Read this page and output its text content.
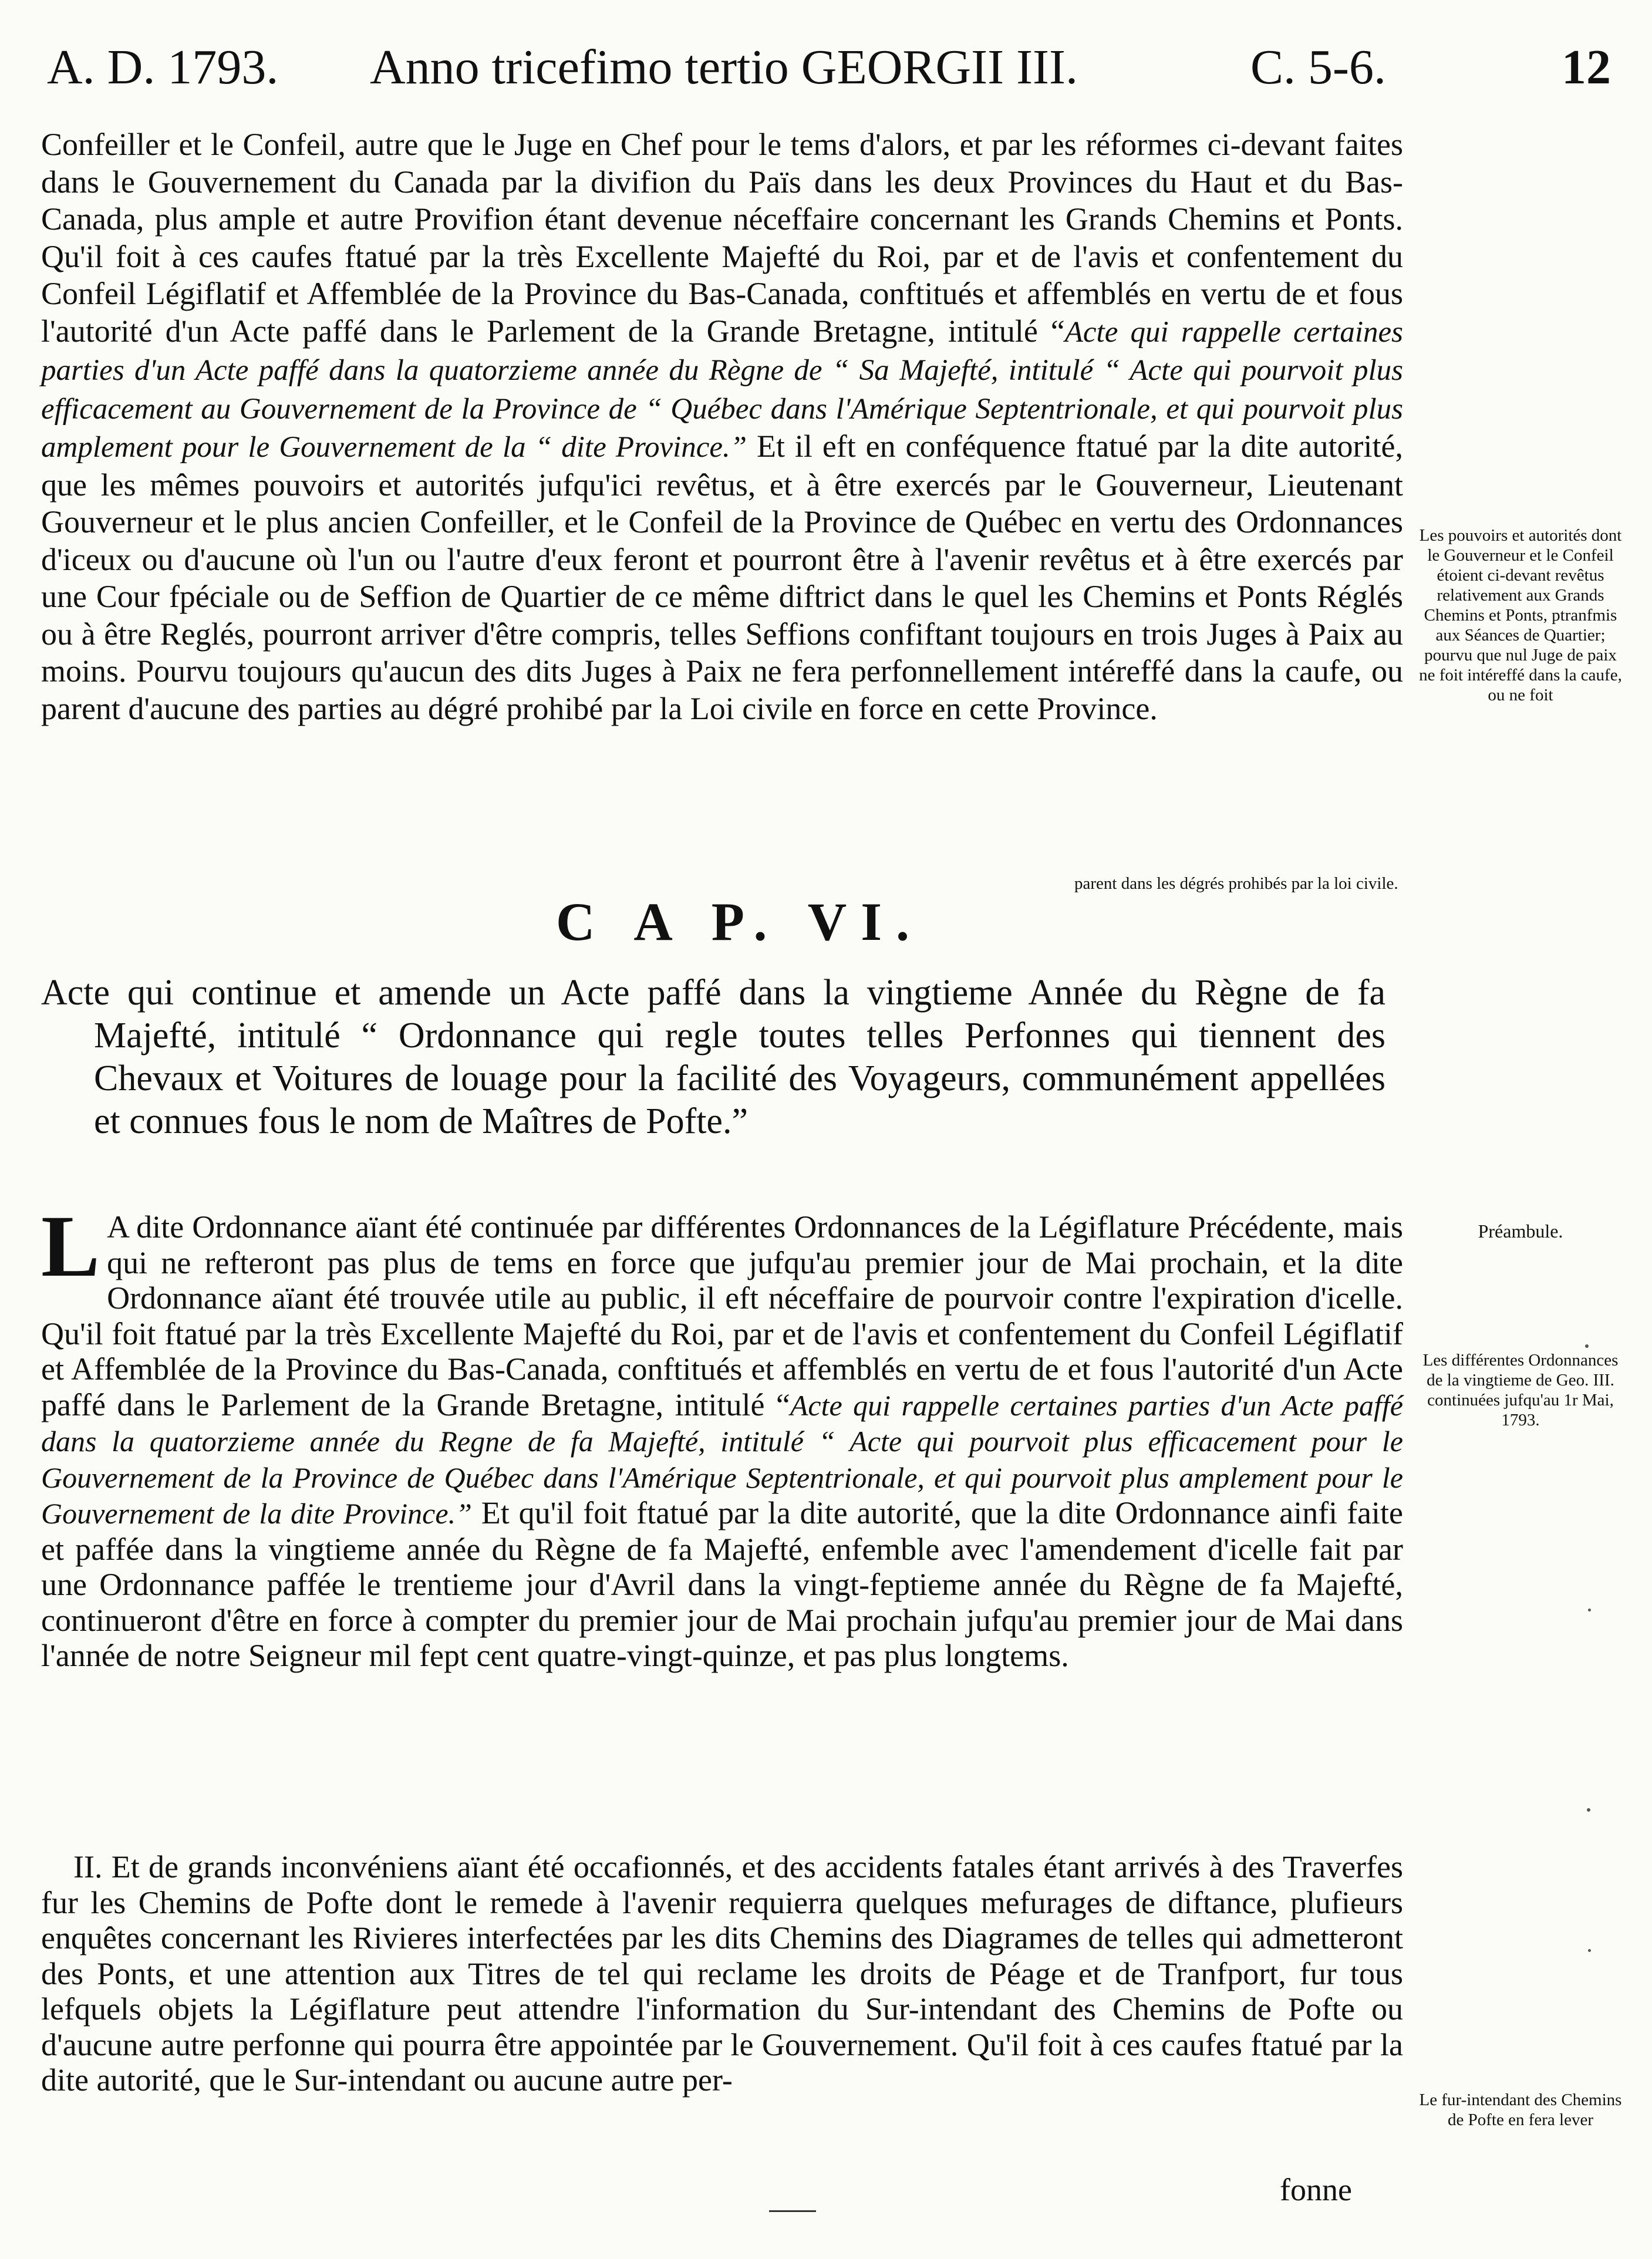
A. D. 1793. Anno tricefimo tertio GEORGII III.	C. 5-6.	12

Confeiller et le Confeil, autre que le Juge en Chef pour le tems d'alors, et par les réformes ci-devant faites dans le Gouvernement du Canada par la divifion du Païs dans les deux Provinces du Haut et du Bas-Canada, plus ample et autre Provifion étant devenue néceffaire concernant les Grands Chemins et Ponts. Qu'il foit à ces caufes ftatué par la très Excellente Majefté du Roi, par et de l'avis et confentement du Confeil Légiflatif et Affemblée de la Province du Bas-Canada, conftitués et affemblés en vertu de et fous l'autorité d'un Acte paffé dans le Parlement de la Grande Bretagne, intitulé “Acte qui rappelle certaines parties d'un Acte paffé dans la quatorzieme année du Règne de “ Sa Majefté, intitulé “ Acte qui pourvoit plus efficacement au Gouvernement de la Province de “ Québec dans l'Amérique Septentrionale, et qui pourvoit plus amplement pour le Gouvernement de la “ dite Province.” Et il eft en conféquence ftatué par la dite autorité, que les mêmes pouvoirs et autorités jufqu'ici revêtus, et à être exercés par le Gouverneur, Lieutenant Gouverneur et le plus ancien Confeiller, et le Confeil de la Province de Québec en vertu des Ordonnances d'iceux ou d'aucune où l'un ou l'autre d'eux feront et pourront être à l'avenir revêtus et à être exercés par une Cour fpéciale ou de Seffion de Quartier de ce même diftrict dans le quel les Chemins et Ponts Réglés ou à être Reglés, pourront arriver d'être compris, telles Seffions confiftant toujours en trois Juges à Paix au moins. Pourvu toujours qu'aucun des dits Juges à Paix ne fera perfonnellement intéreffé dans la caufe, ou parent d'aucune des parties au dégré prohibé par la Loi civile en force en cette Province.

Les pouvoirs et autorités dont le Gouverneur et le Confeil étoient ci-devant revêtus relativement aux Grands Chemins et Ponts, ptranfmis aux Séances de Quartier; pourvu que nul Juge de paix ne foit intéreffé dans la caufe, ou ne foit
parent dans les dégrés prohibés par la loi civile.
C A P. VI.
Acte qui continue et amende un Acte paffé dans la vingtieme Année du Règne de fa Majefté, intitulé “ Ordonnance qui regle toutes telles Perfonnes qui tiennent des Chevaux et Voitures de louage pour la facilité des Voyageurs, communément appellées et connues fous le nom de Maîtres de Pofte.”

L A dite Ordonnance aïant été continuée par différentes Ordonnances de la Légiflature Précédente, mais qui ne refteront pas plus de tems en force que jufqu'au premier jour de Mai prochain, et la dite Ordonnance aïant été trouvée utile au public, il eft néceffaire de pourvoir contre l'expiration d'icelle. Qu'il foit ftatué par la très Excellente Majefté du Roi, par et de l'avis et confentement du Confeil Légiflatif et Affemblée de la Province du Bas-Canada, conftitués et affemblés en vertu de et fous l'autorité d'un Acte paffé dans le Parlement de la Grande Bretagne, intitulé “Acte qui rappelle certaines parties d'un Acte paffé dans la quatorzieme année du Regne de fa Majefté, intitulé “ Acte qui pourvoit plus efficacement pour le Gouvernement de la Province de Québec dans l'Amérique Septentrionale, et qui pourvoit plus amplement pour le Gouvernement de la dite Province.” Et qu'il foit ftatué par la dite autorité, que la dite Ordonnance ainfi faite et paffée dans la vingtieme année du Règne de fa Majefté, enfemble avec l'amendement d'icelle fait par une Ordonnance paffée le trentieme jour d'Avril dans la vingt-feptieme année du Règne de fa Majefté, continueront d'être en force à compter du premier jour de Mai prochain jufqu'au premier jour de Mai dans l'année de notre Seigneur mil fept cent quatre-vingt-quinze, et pas plus longtems.

Préambule.
Les différentes Ordonnances de la vingtieme de Geo. III. continuées jufqu'au 1r Mai, 1793.

II. Et de grands inconvéniens aïant été occafionnés, et des accidents fatales étant arrivés à des Traverfes fur les Chemins de Pofte dont le remede à l'avenir requierra quelques mefurages de diftance, plufieurs enquêtes concernant les Rivieres interfectées par les dits Chemins des Diagrames de telles qui admetteront des Ponts, et une attention aux Titres de tel qui reclame les droits de Péage et de Tranfport, fur tous lefquels objets la Légiflature peut attendre l'information du Sur-intendant des Chemins de Pofte ou d'aucune autre perfonne qui pourra être appointée par le Gouvernement. Qu'il foit à ces caufes ftatué par la dite autorité, que le Sur-intendant ou aucune autre per-

fonne
Le fur-intendant des Chemins de Pofte en fera lever
